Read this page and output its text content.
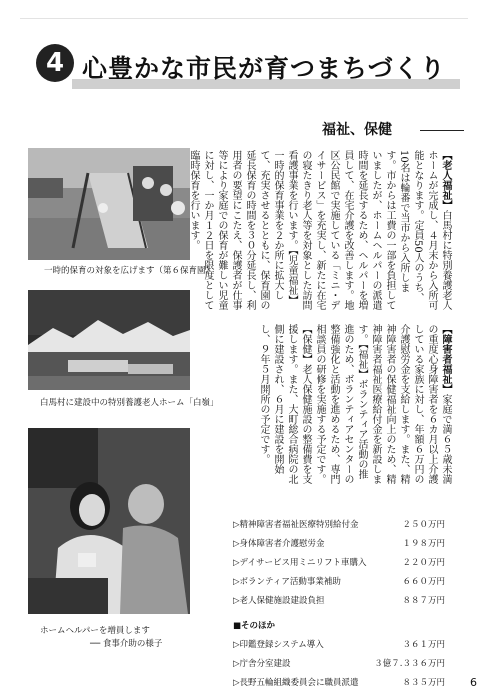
4 心豊かな市民が育つまちづくり
福祉、保健
一時的保育の対象を広げます（第６保育園）
白馬村に建設中の特別養護老人ホーム「白嶺」
ホームヘルパーを増員します
── 食事介助の様子
【老人福祉】白馬村に特別養護老人ホームが完成し、４月末から入所可能となります。定員50人のうち、10名は輪番で当市から入所します。市からは工費の一部を負担していましたが、ホームヘルパーの派遣時間を延長するため、ヘルパーを増員して、在宅介護を改善します。地区公民館で実施している「ミニ・デイサービス」を充実し、新たに在宅の寝たきり老人等を対象とした訪問看護事業を行います。【児童福祉】一時的保育事業を２か所に拡大して、充実させるとともに、保育園の延長保育の時間を３０分延長し、利用者の要望にこたえ、保護者が仕事等により家庭での保育が難しい児童に対し、一か月１２日を限度として臨時保育を行います。
【障害者福祉】家庭で満６５歳未満の重度心身障害者を６カ月以上介護している家族に対し、年額６万円の介護慰労金を支給します。また、精神障害者の保健福祉向上のため、精神障害者福祉医療給付金を新設します。【福祉】ボランティア活動の推進のため、ボランティアセンターの整備強化と活動を進めるため、専門相談員の研修を実施する予定です。【保健】老人保健施設の整備費を支援します。また、大町総合病院の北側に建設され、６月に建設を開始し、９年５月開所の予定です。
▷精神障害者福祉医療特別給付金	２５０万円
▷身体障害者介護慰労金	１９８万円
▷デイサービス用ミニリフト車購入	２２０万円
▷ボランティア活動事業補助	６６０万円
▷老人保健施設建設負担	８８７万円
■そのほか
▷印鑑登録システム導入	３６１万円
▷庁舎分室建設	３億７.３３６万円
▷長野五輪組織委員会に職員派遣	８３５万円 6
